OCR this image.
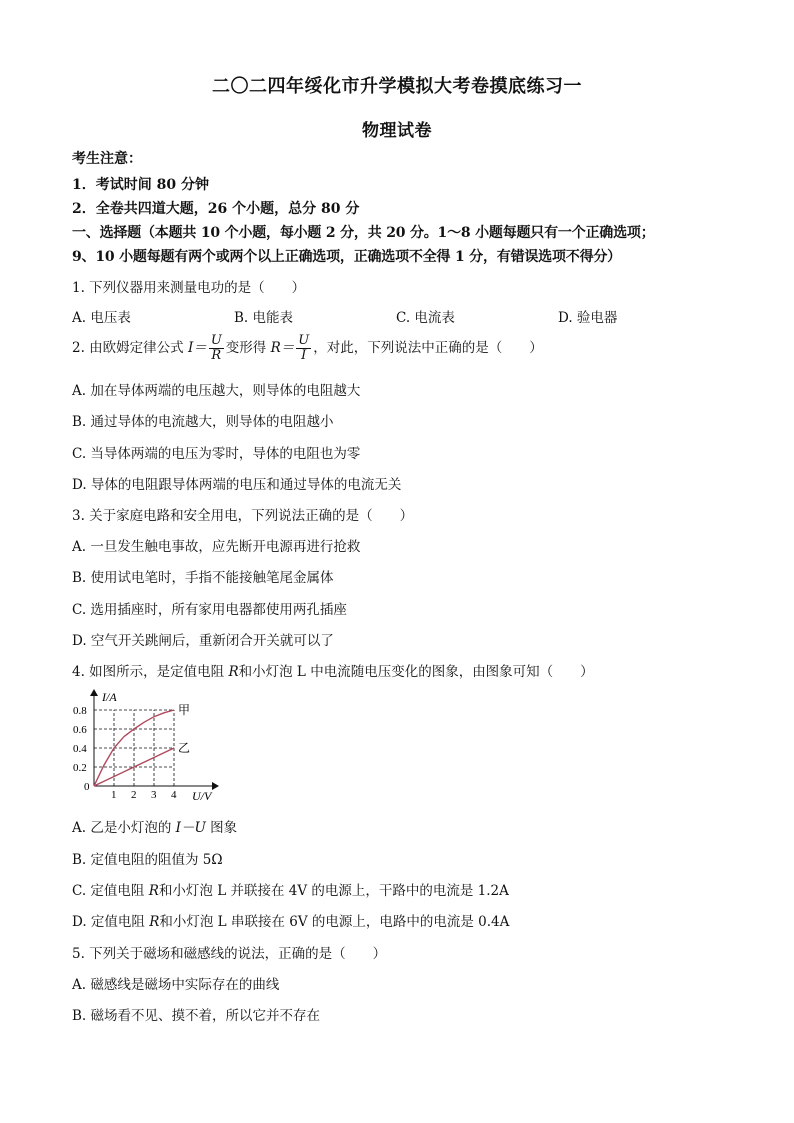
二〇二四年绥化市升学模拟大考卷摸底练习一
物理试卷
考生注意：
1．考试时间 80 分钟
2．全卷共四道大题，26 个小题，总分 80 分
一、选择题（本题共 10 个小题，每小题 2 分，共 20 分。1～8 小题每题只有一个正确选项；
9、10 小题每题有两个或两个以上正确选项，正确选项不全得 1 分，有错误选项不得分）
1. 下列仪器用来测量电功的是（　　）
A. 电压表	B. 电能表	C. 电流表	D. 验电器
2. 由欧姆定律公式 $I= \frac{U}{R}$ 变形得 $R= \frac{U}{I}$ ，对此，下列说法中正确的是（　　）
A. 加在导体两端的电压越大，则导体的电阻越大
B. 通过导体的电流越大，则导体的电阻越小
C. 当导体两端的电压为零时，导体的电阻也为零
D. 导体的电阻跟导体两端的电压和通过导体的电流无关
3. 关于家庭电路和安全用电，下列说法正确的是（　　）
A. 一旦发生触电事故，应先断开电源再进行抢救
B. 使用试电笔时，手指不能接触笔尾金属体
C. 选用插座时，所有家用电器都使用两孔插座
D. 空气开关跳闸后，重新闭合开关就可以了
4. 如图所示，是定值电阻 R和小灯泡 L 中电流随电压变化的图象，由图象可知（　　）
1 2 3 4
0.2
0.4
0.6
0.8	甲
乙
I/A
U/V
0
A. 乙是小灯泡的 I－U 图象
B. 定值电阻的阻值为 5Ω
C. 定值电阻 R和小灯泡 L 并联接在 4V 的电源上，干路中的电流是 1.2A
D. 定值电阻 R和小灯泡 L 串联接在 6V 的电源上，电路中的电流是 0.4A
5. 下列关于磁场和磁感线的说法，正确的是（　　）
A. 磁感线是磁场中实际存在的曲线
B. 磁场看不见、摸不着，所以它并不存在
